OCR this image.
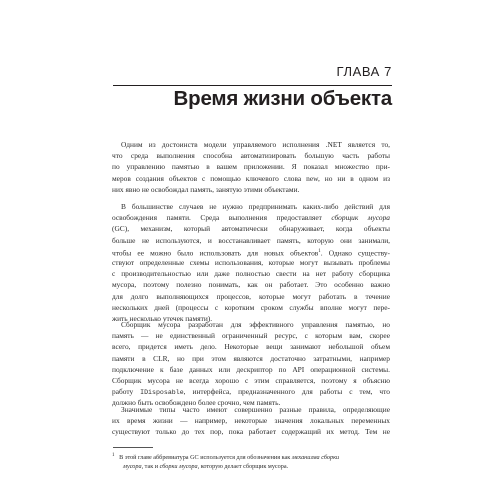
ГЛАВА 7
Время жизни объекта
Одним из достоинств модели управляемого исполнения .NET является то,
что среда выполнения способна автоматизировать большую часть работы
по управлению памятью в вашем приложении. Я показал множество при-
меров создания объектов с помощью ключевого слова new, но ни в одном из
них явно не освобождал память, занятую этими объектами.
В большинстве случаев не нужно предпринимать каких-либо действий для
освобождения памяти. Среда выполнения предоставляет сборщик мусора
(GC), механизм, который автоматически обнаруживает, когда объекты
больше не используются, и восстанавливает память, которую они занимали,
чтобы ее можно было использовать для новых объектов$^1$. Однако существу-
ствуют определенные схемы использования, которые могут вызывать проблемы
с производительностью или даже полностью свести на нет работу сборщика
мусора, поэтому полезно понимать, как он работает. Это особенно важно
для долго выполняющихся процессов, которые могут работать в течение
нескольких дней (процессы с коротким сроком службы вполне могут пере-
жить несколько утечек памяти).
Сборщик мусора разработан для эффективного управления памятью, но
память — не единственный ограниченный ресурс, с которым вам, скорее
всего, придется иметь дело. Некоторые вещи занимают небольшой объем
памяти в CLR, но при этом являются достаточно затратными, например
подключение к базе данных или дескриптор по API операционной системы.
Сборщик мусора не всегда хорошо с этим справляется, поэтому я объясню
работу IDisposable, интерфейса, предназначенного для работы с тем, что
должно быть освобождено более срочно, чем память.
Значимые типы часто имеют совершенно разные правила, определяющие
их время жизни — например, некоторые значения локальных переменных
существуют только до тех пор, пока работает содержащий их метод. Тем не
$^1$ В этой главе аббревиатура GC используется для обозначения как механизма сборки
мусора, так и сборки мусора, которую делает сборщик мусора.
